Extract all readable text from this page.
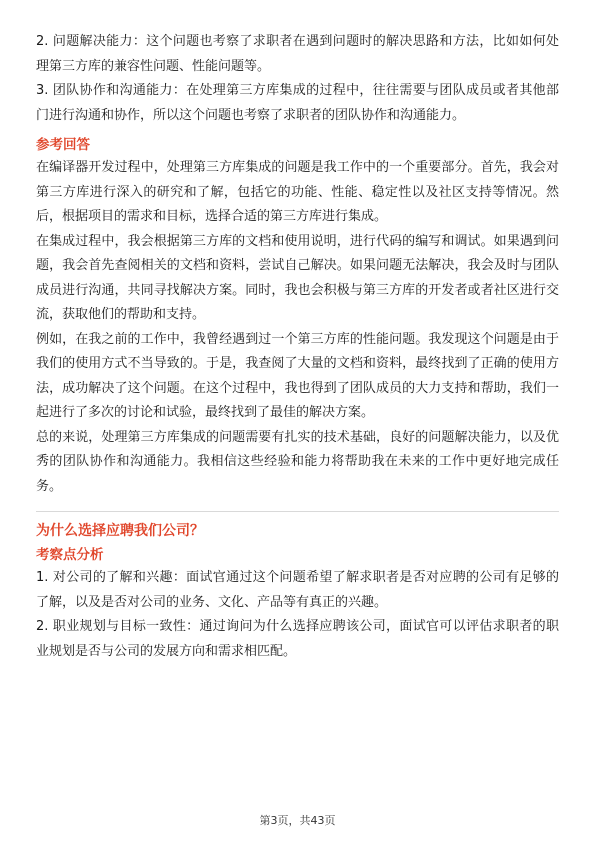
2. 问题解决能力：这个问题也考察了求职者在遇到问题时的解决思路和方法，比如如何处理第三方库的兼容性问题、性能问题等。

3. 团队协作和沟通能力：在处理第三方库集成的过程中，往往需要与团队成员或者其他部门进行沟通和协作，所以这个问题也考察了求职者的团队协作和沟通能力。

参考回答

在编译器开发过程中，处理第三方库集成的问题是我工作中的一个重要部分。首先，我会对第三方库进行深入的研究和了解，包括它的功能、性能、稳定性以及社区支持等情况。然后，根据项目的需求和目标，选择合适的第三方库进行集成。

在集成过程中，我会根据第三方库的文档和使用说明，进行代码的编写和调试。如果遇到问题，我会首先查阅相关的文档和资料，尝试自己解决。如果问题无法解决，我会及时与团队成员进行沟通，共同寻找解决方案。同时，我也会积极与第三方库的开发者或者社区进行交流，获取他们的帮助和支持。

例如，在我之前的工作中，我曾经遇到过一个第三方库的性能问题。我发现这个问题是由于我们的使用方式不当导致的。于是，我查阅了大量的文档和资料，最终找到了正确的使用方法，成功解决了这个问题。在这个过程中，我也得到了团队成员的大力支持和帮助，我们一起进行了多次的讨论和试验，最终找到了最佳的解决方案。

总的来说，处理第三方库集成的问题需要有扎实的技术基础，良好的问题解决能力，以及优秀的团队协作和沟通能力。我相信这些经验和能力将帮助我在未来的工作中更好地完成任务。

为什么选择应聘我们公司？
考察点分析

1. 对公司的了解和兴趣：面试官通过这个问题希望了解求职者是否对应聘的公司有足够的了解，以及是否对公司的业务、文化、产品等有真正的兴趣。

2. 职业规划与目标一致性：通过询问为什么选择应聘该公司，面试官可以评估求职者的职业规划是否与公司的发展方向和需求相匹配。

第3页，共43页
